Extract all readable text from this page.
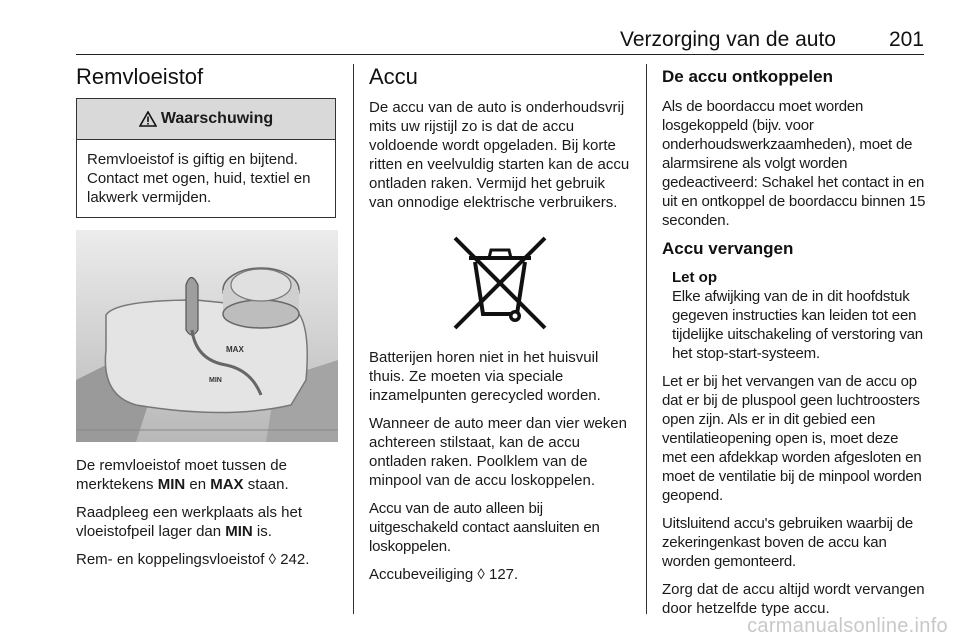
Verzorging van de auto	201
Remvloeistof
Waarschuwing

Remvloeistof is giftig en bijtend. Contact met ogen, huid, textiel en lakwerk vermijden.

MAX
MIN

De remvloeistof moet tussen de merktekens MIN en MAX staan.

Raadpleeg een werkplaats als het vloeistofpeil lager dan MIN is.

Rem- en koppelingsvloeistof ◊ 242.

Accu

De accu van de auto is onderhoudsvrij mits uw rijstijl zo is dat de accu voldoende wordt opgeladen. Bij korte ritten en veelvuldig starten kan de accu ontladen raken. Vermijd het gebruik van onnodige elektrische verbruikers.

Batterijen horen niet in het huisvuil thuis. Ze moeten via speciale inzamelpunten gerecycled worden.

Wanneer de auto meer dan vier weken achtereen stilstaat, kan de accu ontladen raken. Poolklem van de minpool van de accu loskoppelen.

Accu van de auto alleen bij uitgeschakeld contact aansluiten en loskoppelen.

Accubeveiliging ◊ 127.

De accu ontkoppelen

Als de boordaccu moet worden losgekoppeld (bijv. voor onderhoudswerkzaamheden), moet de alarmsirene als volgt worden gedeactiveerd: Schakel het contact in en uit en ontkoppel de boordaccu binnen 15 seconden.

Accu vervangen
Let op

Elke afwijking van de in dit hoofdstuk gegeven instructies kan leiden tot een tijdelijke uitschakeling of verstoring van het stop-start-systeem.

Let er bij het vervangen van de accu op dat er bij de pluspool geen luchtroosters open zijn. Als er in dit gebied een ventilatieopening open is, moet deze met een afdekkap worden afgesloten en moet de ventilatie bij de minpool worden geopend.

Uitsluitend accu's gebruiken waarbij de zekeringenkast boven de accu kan worden gemonteerd.

Zorg dat de accu altijd wordt vervangen door hetzelfde type accu.

carmanualsonline.info
